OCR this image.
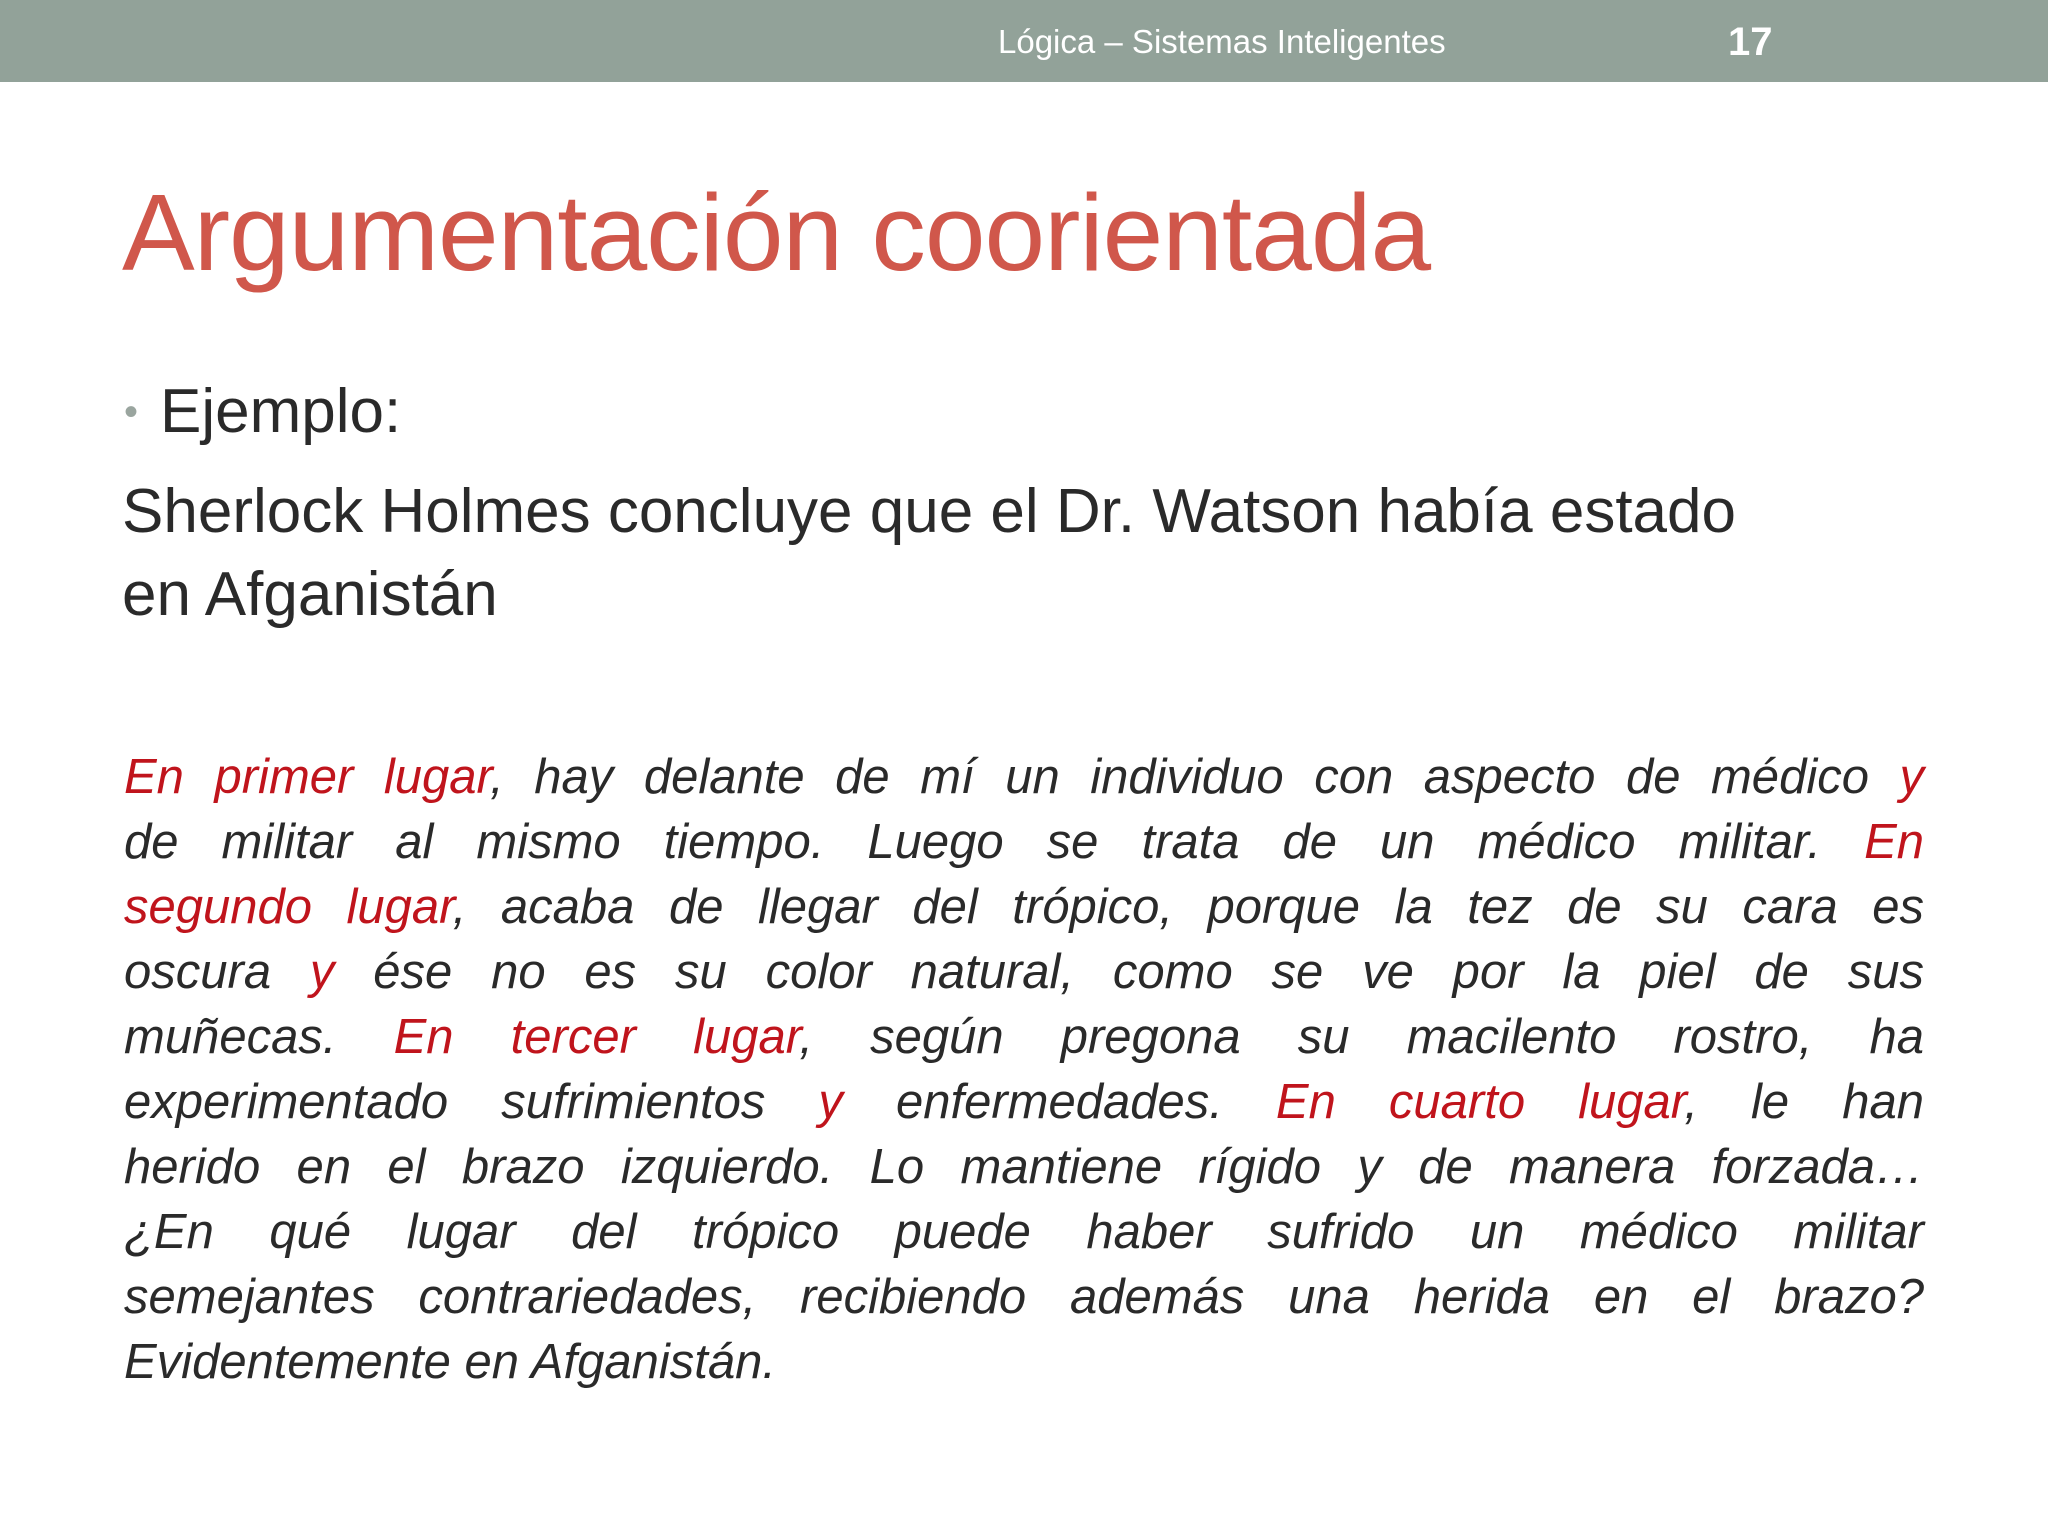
Lógica – Sistemas Inteligentes	17
Argumentación coorientada
• Ejemplo:
Sherlock Holmes concluye que el Dr. Watson había estado
en Afganistán
En primer lugar, hay delante de mí un individuo con aspecto de médico y
de militar al mismo tiempo. Luego se trata de un médico militar. En
segundo lugar, acaba de llegar del trópico, porque la tez de su cara es
oscura y ése no es su color natural, como se ve por la piel de sus
muñecas. En tercer lugar, según pregona su macilento rostro, ha
experimentado sufrimientos y enfermedades. En cuarto lugar, le han
herido en el brazo izquierdo. Lo mantiene rígido y de manera forzada…
¿En qué lugar del trópico puede haber sufrido un médico militar
semejantes contrariedades, recibiendo además una herida en el brazo?
Evidentemente en Afganistán.
